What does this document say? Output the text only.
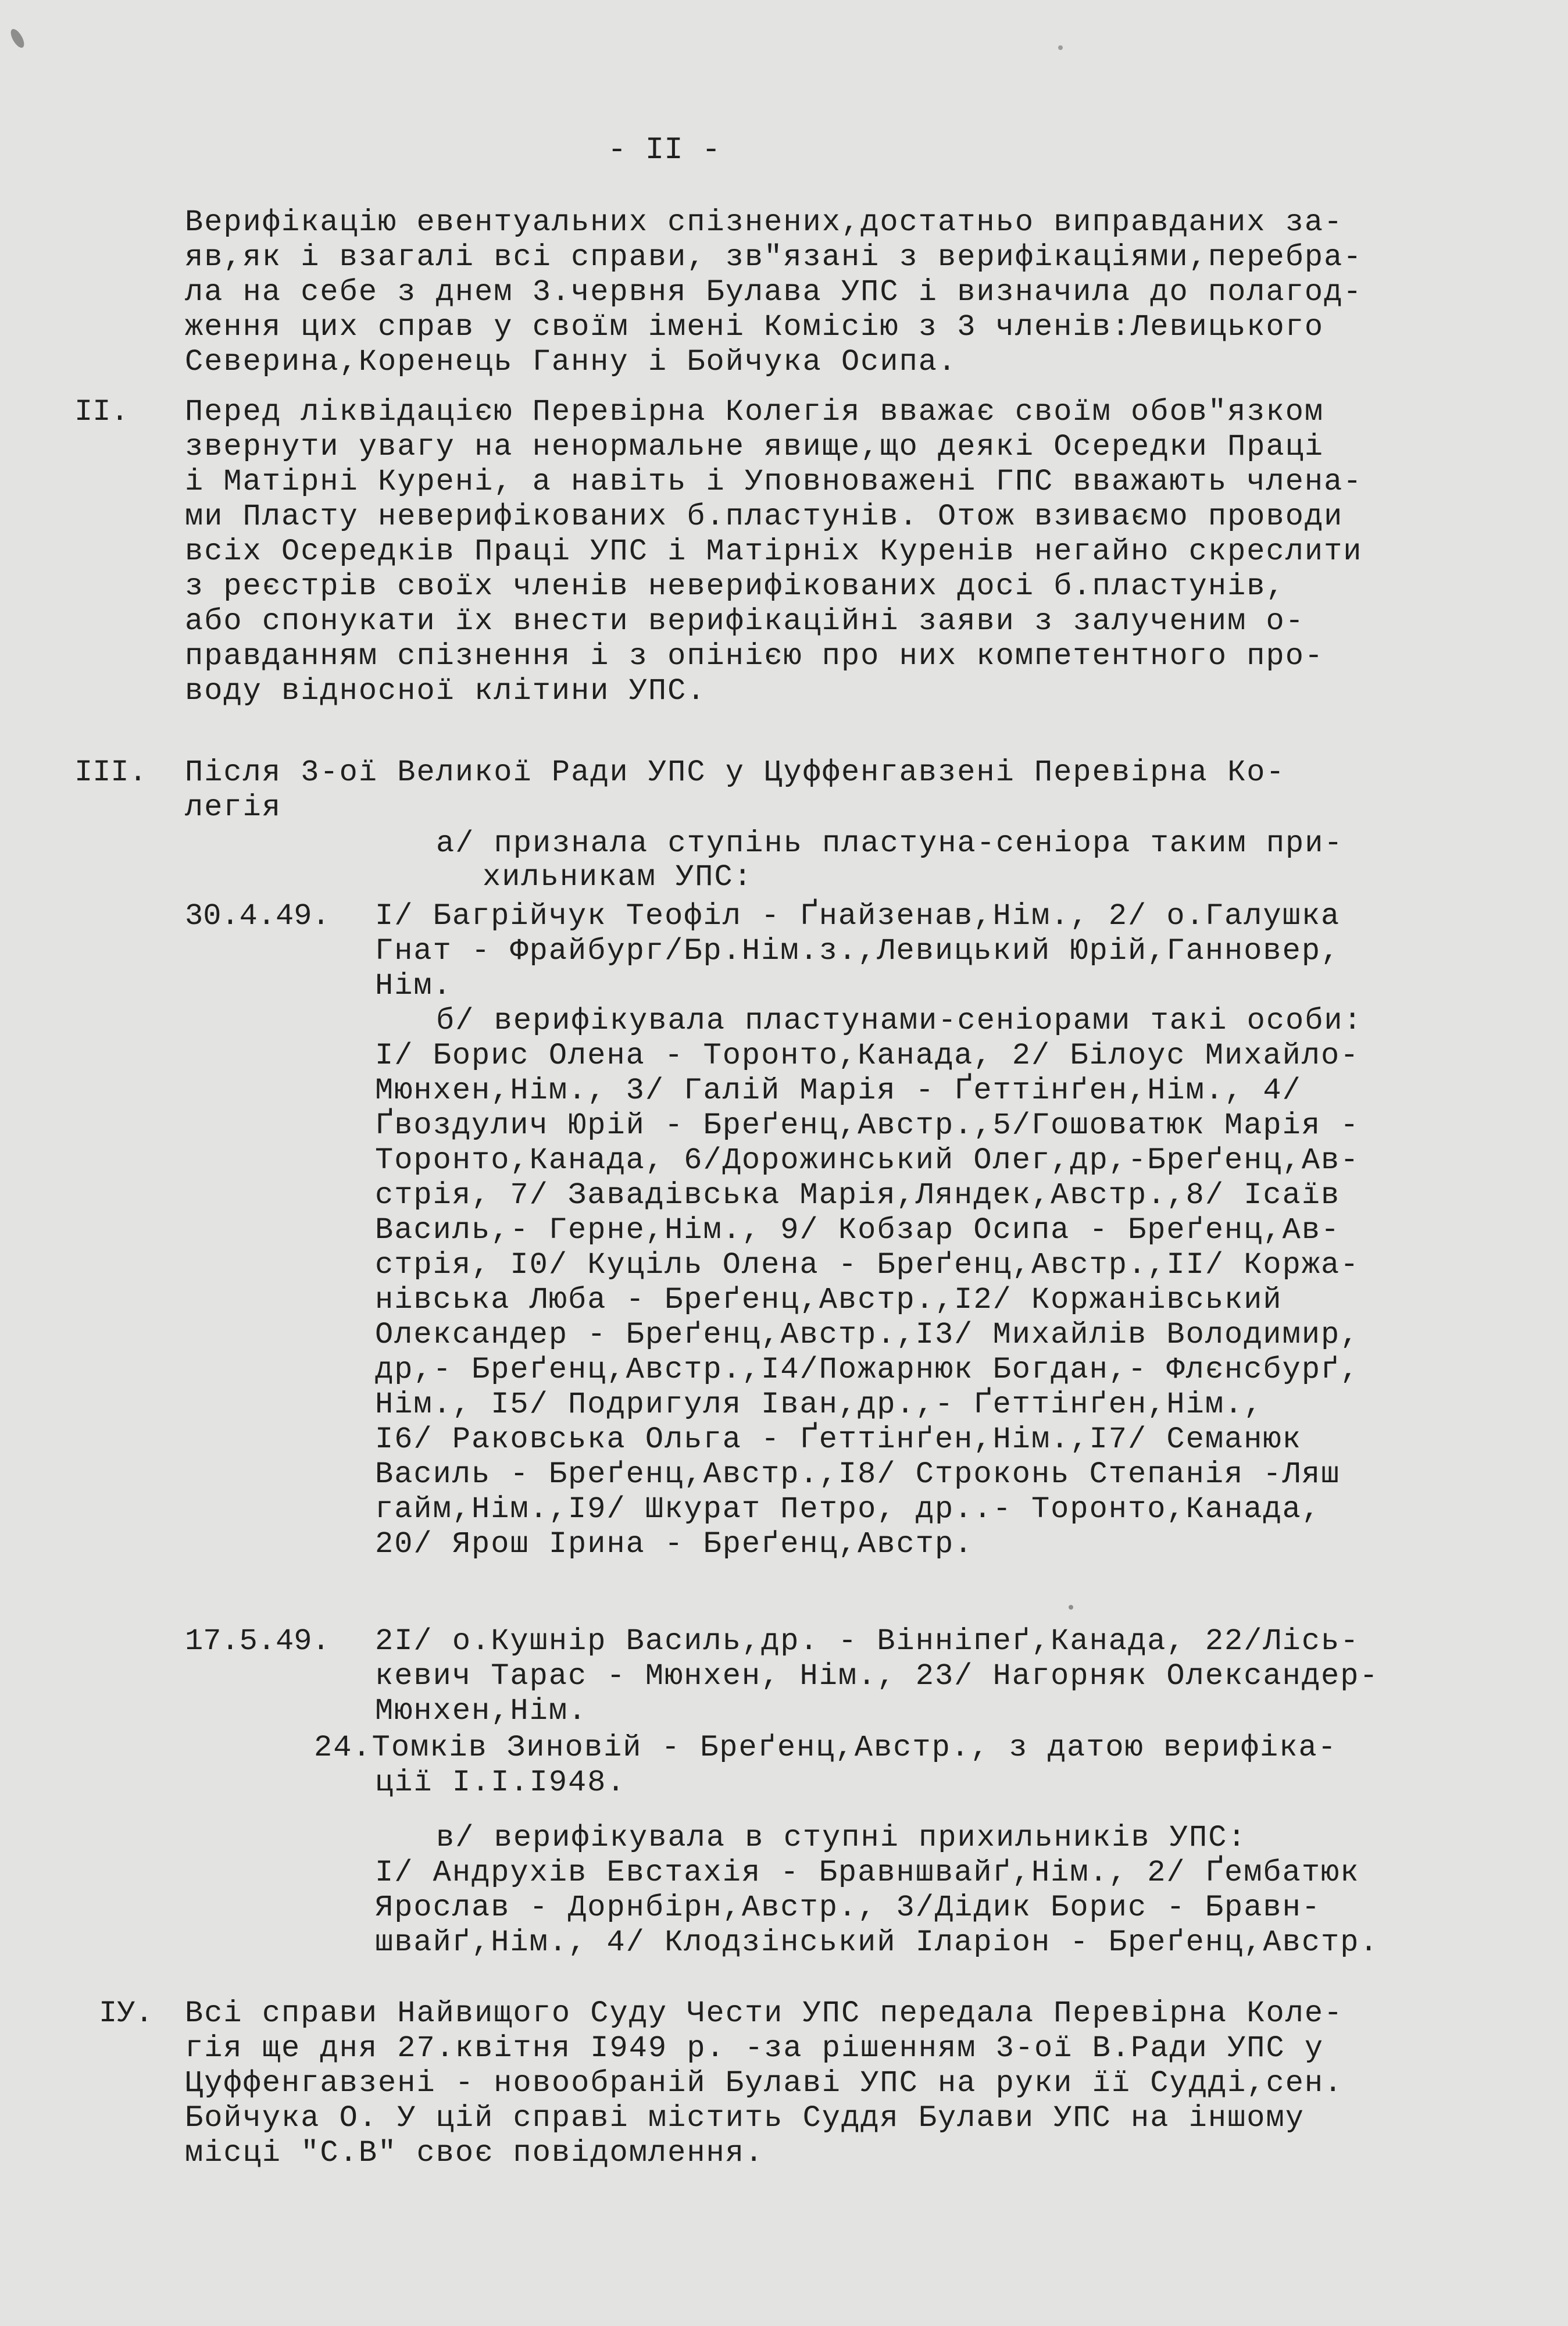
- II -
Верифікацію евентуальних спізнених,достатньо виправданих за-
яв,як і взагалі всі справи, зв"язані з верифікаціями,перебра-
ла на себе з днем 3.червня Булава УПС і визначила до полагод-
ження цих справ у своїм імені Комісію з 3 членів:Левицького
Северина,Коренець Ганну і Бойчука Осипа.
II. Перед ліквідацією Перевірна Колегія вважає своїм обов"язком
звернути увагу на ненормальне явище,що деякі Осередки Праці
і Матірні Курені, а навіть і Уповноважені ГПС вважають члена-
ми Пласту неверифікованих б.пластунів. Отож взиваємо проводи
всіх Осередків Праці УПС і Матірніх Куренів негайно скреслити
з реєстрів своїх членів неверифікованих досі б.пластунів,
або спонукати їх внести верифікаційні заяви з залученим о-
правданням спізнення і з опінією про них компетентного про-
воду відносної клітини УПС.
III. Після 3-ої Великої Ради УПС у Цуффенгавзені Перевірна Ко-
легія
а/ признала ступінь пластуна-сеніора таким при-
хильникам УПС:
30.4.49. І/ Багрійчук Теофіл - Ґнайзенав,Нім., 2/ о.Галушка
Гнат - Фрайбург/Бр.Нім.з.,Левицький Юрій,Ганновер,
Нім.
б/ верифікувала пластунами-сеніорами такі особи:
І/ Борис Олена - Торонто,Канада, 2/ Білоус Михайло-
Мюнхен,Нім., 3/ Галій Марія - Ґеттінґен,Нім., 4/
Ґвоздулич Юрій - Бреґенц,Австр.,5/Гошоватюк Марія -
Торонто,Канада, 6/Дорожинський Олег,др,-Бреґенц,Ав-
стрія, 7/ Завадівська Марія,Ляндек,Австр.,8/ Ісаїв
Василь,- Герне,Нім., 9/ Кобзар Осипа - Бреґенц,Ав-
стрія, І0/ Куціль Олена - Бреґенц,Австр.,ІІ/ Коржа-
нівська Люба - Бреґенц,Австр.,І2/ Коржанівський
Олександер - Бреґенц,Австр.,І3/ Михайлів Володимир,
др,- Бреґенц,Австр.,І4/Пожарнюк Богдан,- Флєнсбурґ,
Нім., І5/ Подригуля Іван,др.,- Ґеттінґен,Нім.,
І6/ Раковська Ольга - Ґеттінґен,Нім.,І7/ Семанюк
Василь - Бреґенц,Австр.,І8/ Строконь Степанія -Ляш
гайм,Нім.,І9/ Шкурат Петро, др..- Торонто,Канада,
20/ Ярош Ірина - Бреґенц,Австр.
17.5.49. 2І/ о.Кушнір Василь,др. - Вінніпеґ,Канада, 22/Лісь-
кевич Тарас - Мюнхен, Нім., 23/ Нагорняк Олександер-
Мюнхен,Нім.
24.Томків Зиновій - Бреґенц,Австр., з датою верифіка-
ції І.І.І948.
в/ верифікувала в ступні прихильників УПС:
І/ Андрухів Евстахія - Бравншвайґ,Нім., 2/ Ґембатюк
Ярослав - Дорнбірн,Австр., 3/Дідик Борис - Бравн-
швайґ,Нім., 4/ Клодзінський Іларіон - Бреґенц,Австр.
ІУ. Всі справи Найвищого Суду Чести УПС передала Перевірна Коле-
гія ще дня 27.квітня І949 р. -за рішенням 3-ої В.Ради УПС у
Цуффенгавзені - новообраній Булаві УПС на руки її Судді,сен.
Бойчука О. У цій справі містить Суддя Булави УПС на іншому
місці "С.В" своє повідомлення.
